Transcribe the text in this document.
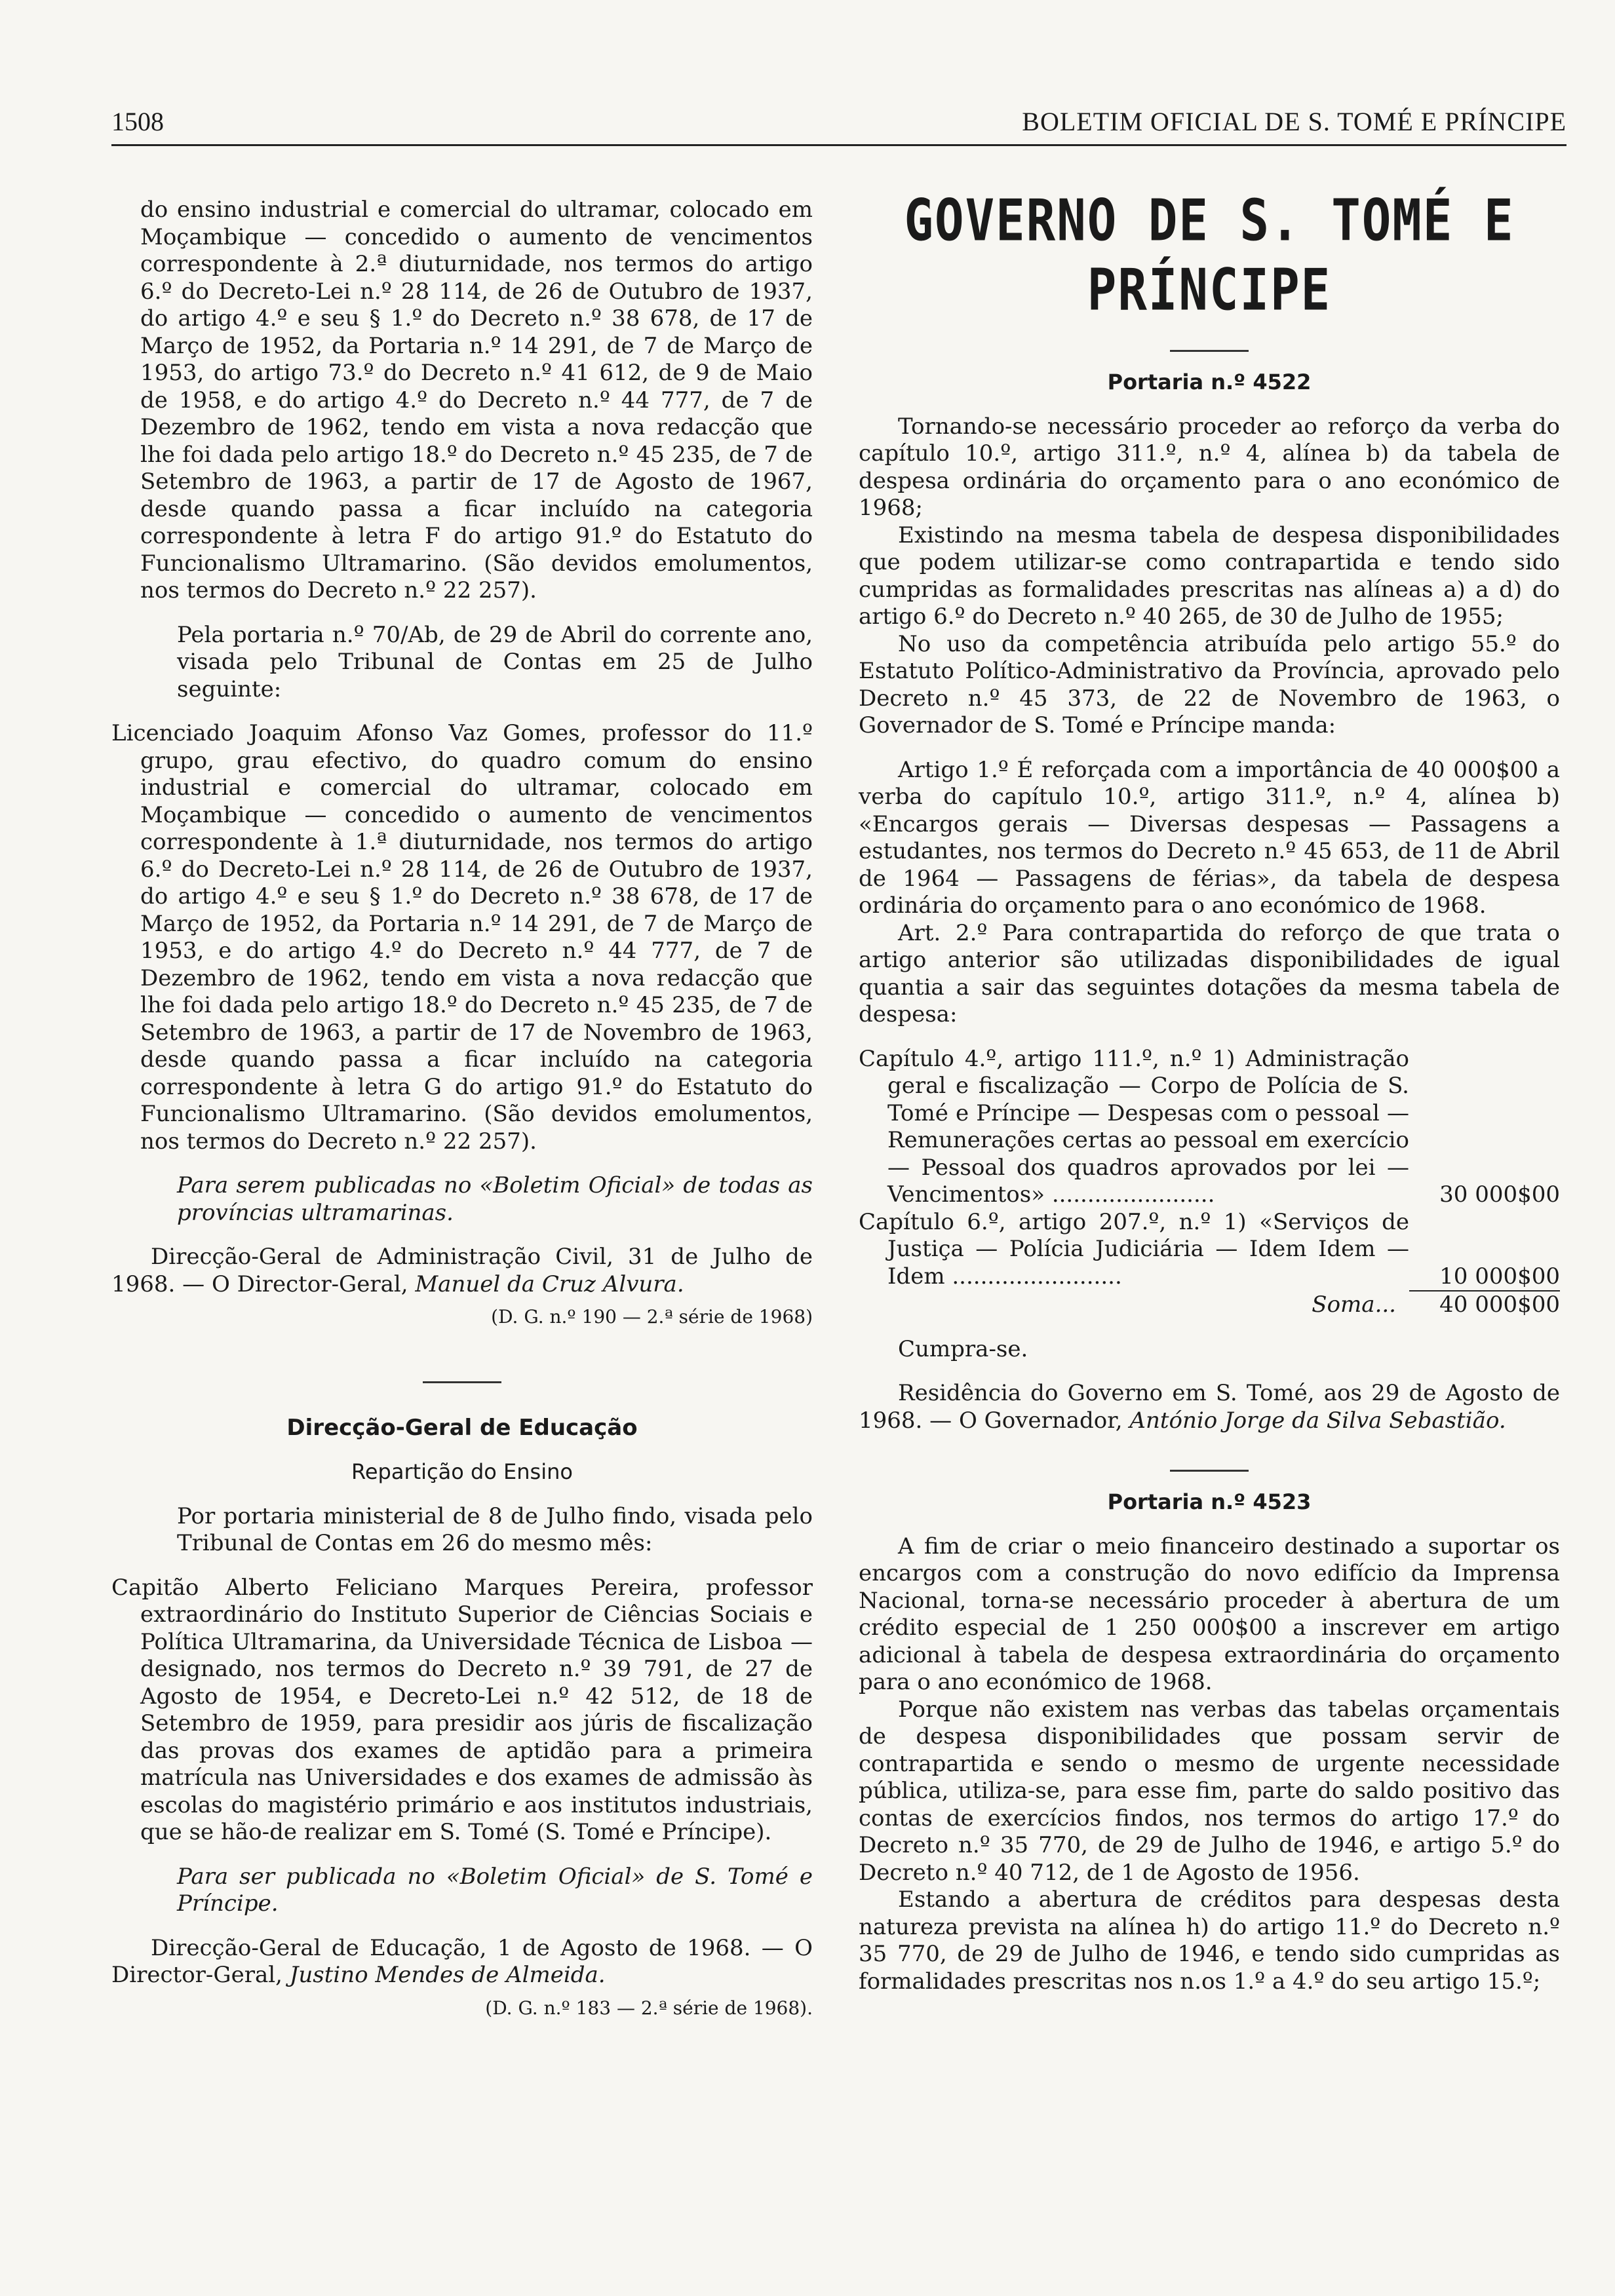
1508	BOLETIM OFICIAL DE S. TOMÉ E PRÍNCIPE

do ensino industrial e comercial do ultramar, colocado em Moçambique — concedido o aumento de vencimentos correspondente à 2.ª diuturnidade, nos termos do artigo 6.º do Decreto-Lei n.º 28 114, de 26 de Outubro de 1937, do artigo 4.º e seu § 1.º do Decreto n.º 38 678, de 17 de Março de 1952, da Portaria n.º 14 291, de 7 de Março de 1953, do artigo 73.º do Decreto n.º 41 612, de 9 de Maio de 1958, e do artigo 4.º do Decreto n.º 44 777, de 7 de Dezembro de 1962, tendo em vista a nova redacção que lhe foi dada pelo artigo 18.º do Decreto n.º 45 235, de 7 de Setembro de 1963, a partir de 17 de Agosto de 1967, desde quando passa a ficar incluído na categoria correspondente à letra F do artigo 91.º do Estatuto do Funcionalismo Ultramarino. (São devidos emolumentos, nos termos do Decreto n.º 22 257).

Pela portaria n.º 70/Ab, de 29 de Abril do corrente ano, visada pelo Tribunal de Contas em 25 de Julho seguinte:

Licenciado Joaquim Afonso Vaz Gomes, professor do 11.º grupo, grau efectivo, do quadro comum do ensino industrial e comercial do ultramar, colocado em Moçambique — concedido o aumento de vencimentos correspondente à 1.ª diuturnidade, nos termos do artigo 6.º do Decreto-Lei n.º 28 114, de 26 de Outubro de 1937, do artigo 4.º e seu § 1.º do Decreto n.º 38 678, de 17 de Março de 1952, da Portaria n.º 14 291, de 7 de Março de 1953, e do artigo 4.º do Decreto n.º 44 777, de 7 de Dezembro de 1962, tendo em vista a nova redacção que lhe foi dada pelo artigo 18.º do Decreto n.º 45 235, de 7 de Setembro de 1963, a partir de 17 de Novembro de 1963, desde quando passa a ficar incluído na categoria correspondente à letra G do artigo 91.º do Estatuto do Funcionalismo Ultramarino. (São devidos emolumentos, nos termos do Decreto n.º 22 257).

Para serem publicadas no «Boletim Oficial» de todas as províncias ultramarinas.

Direcção-Geral de Administração Civil, 31 de Julho de 1968. — O Director-Geral, Manuel da Cruz Alvura.

(D. G. n.º 190 — 2.ª série de 1968)

Direcção-Geral de Educação

Repartição do Ensino

Por portaria ministerial de 8 de Julho findo, visada pelo Tribunal de Contas em 26 do mesmo mês:

Capitão Alberto Feliciano Marques Pereira, professor extraordinário do Instituto Superior de Ciências Sociais e Política Ultramarina, da Universidade Técnica de Lisboa — designado, nos termos do Decreto n.º 39 791, de 27 de Agosto de 1954, e Decreto-Lei n.º 42 512, de 18 de Setembro de 1959, para presidir aos júris de fiscalização das provas dos exames de aptidão para a primeira matrícula nas Universidades e dos exames de admissão às escolas do magistério primário e aos institutos industriais, que se hão-de realizar em S. Tomé (S. Tomé e Príncipe).

Para ser publicada no «Boletim Oficial» de S. Tomé e Príncipe.

Direcção-Geral de Educação, 1 de Agosto de 1968. — O Director-Geral, Justino Mendes de Almeida.

(D. G. n.º 183 — 2.ª série de 1968).

GOVERNO DE S. TOMÉ E PRÍNCIPE

Portaria n.º 4522

Tornando-se necessário proceder ao reforço da verba do capítulo 10.º, artigo 311.º, n.º 4, alínea b) da tabela de despesa ordinária do orçamento para o ano económico de 1968;

Existindo na mesma tabela de despesa disponibilidades que podem utilizar-se como contrapartida e tendo sido cumpridas as formalidades prescritas nas alíneas a) a d) do artigo 6.º do Decreto n.º 40 265, de 30 de Julho de 1955;

No uso da competência atribuída pelo artigo 55.º do Estatuto Político-Administrativo da Província, aprovado pelo Decreto n.º 45 373, de 22 de Novembro de 1963, o Governador de S. Tomé e Príncipe manda:

Artigo 1.º É reforçada com a importância de 40 000$00 a verba do capítulo 10.º, artigo 311.º, n.º 4, alínea b) «Encargos gerais — Diversas despesas — Passagens a estudantes, nos termos do Decreto n.º 45 653, de 11 de Abril de 1964 — Passagens de férias», da tabela de despesa ordinária do orçamento para o ano económico de 1968.

Art. 2.º Para contrapartida do reforço de que trata o artigo anterior são utilizadas disponibilidades de igual quantia a sair das seguintes dotações da mesma tabela de despesa:

Capítulo 4.º, artigo 111.º, n.º 1) Administração geral e fiscalização — Corpo de Polícia de S. Tomé e Príncipe — Despesas com o pessoal — Remunerações certas ao pessoal em exercício — Pessoal dos quadros aprovados por lei — Vencimentos» .......................	30 000$00
Capítulo 6.º, artigo 207.º, n.º 1) «Serviços de Justiça — Polícia Judiciária — Idem Idem — Idem ........................	10 000$00
Soma...	40 000$00

Cumpra-se.

Residência do Governo em S. Tomé, aos 29 de Agosto de 1968. — O Governador, António Jorge da Silva Sebastião.

Portaria n.º 4523

A fim de criar o meio financeiro destinado a suportar os encargos com a construção do novo edifício da Imprensa Nacional, torna-se necessário proceder à abertura de um crédito especial de 1 250 000$00 a inscrever em artigo adicional à tabela de despesa extraordinária do orçamento para o ano económico de 1968.

Porque não existem nas verbas das tabelas orçamentais de despesa disponibilidades que possam servir de contrapartida e sendo o mesmo de urgente necessidade pública, utiliza-se, para esse fim, parte do saldo positivo das contas de exercícios findos, nos termos do artigo 17.º do Decreto n.º 35 770, de 29 de Julho de 1946, e artigo 5.º do Decreto n.º 40 712, de 1 de Agosto de 1956.

Estando a abertura de créditos para despesas desta natureza prevista na alínea h) do artigo 11.º do Decreto n.º 35 770, de 29 de Julho de 1946, e tendo sido cumpridas as formalidades prescritas nos n.os 1.º a 4.º do seu artigo 15.º;
